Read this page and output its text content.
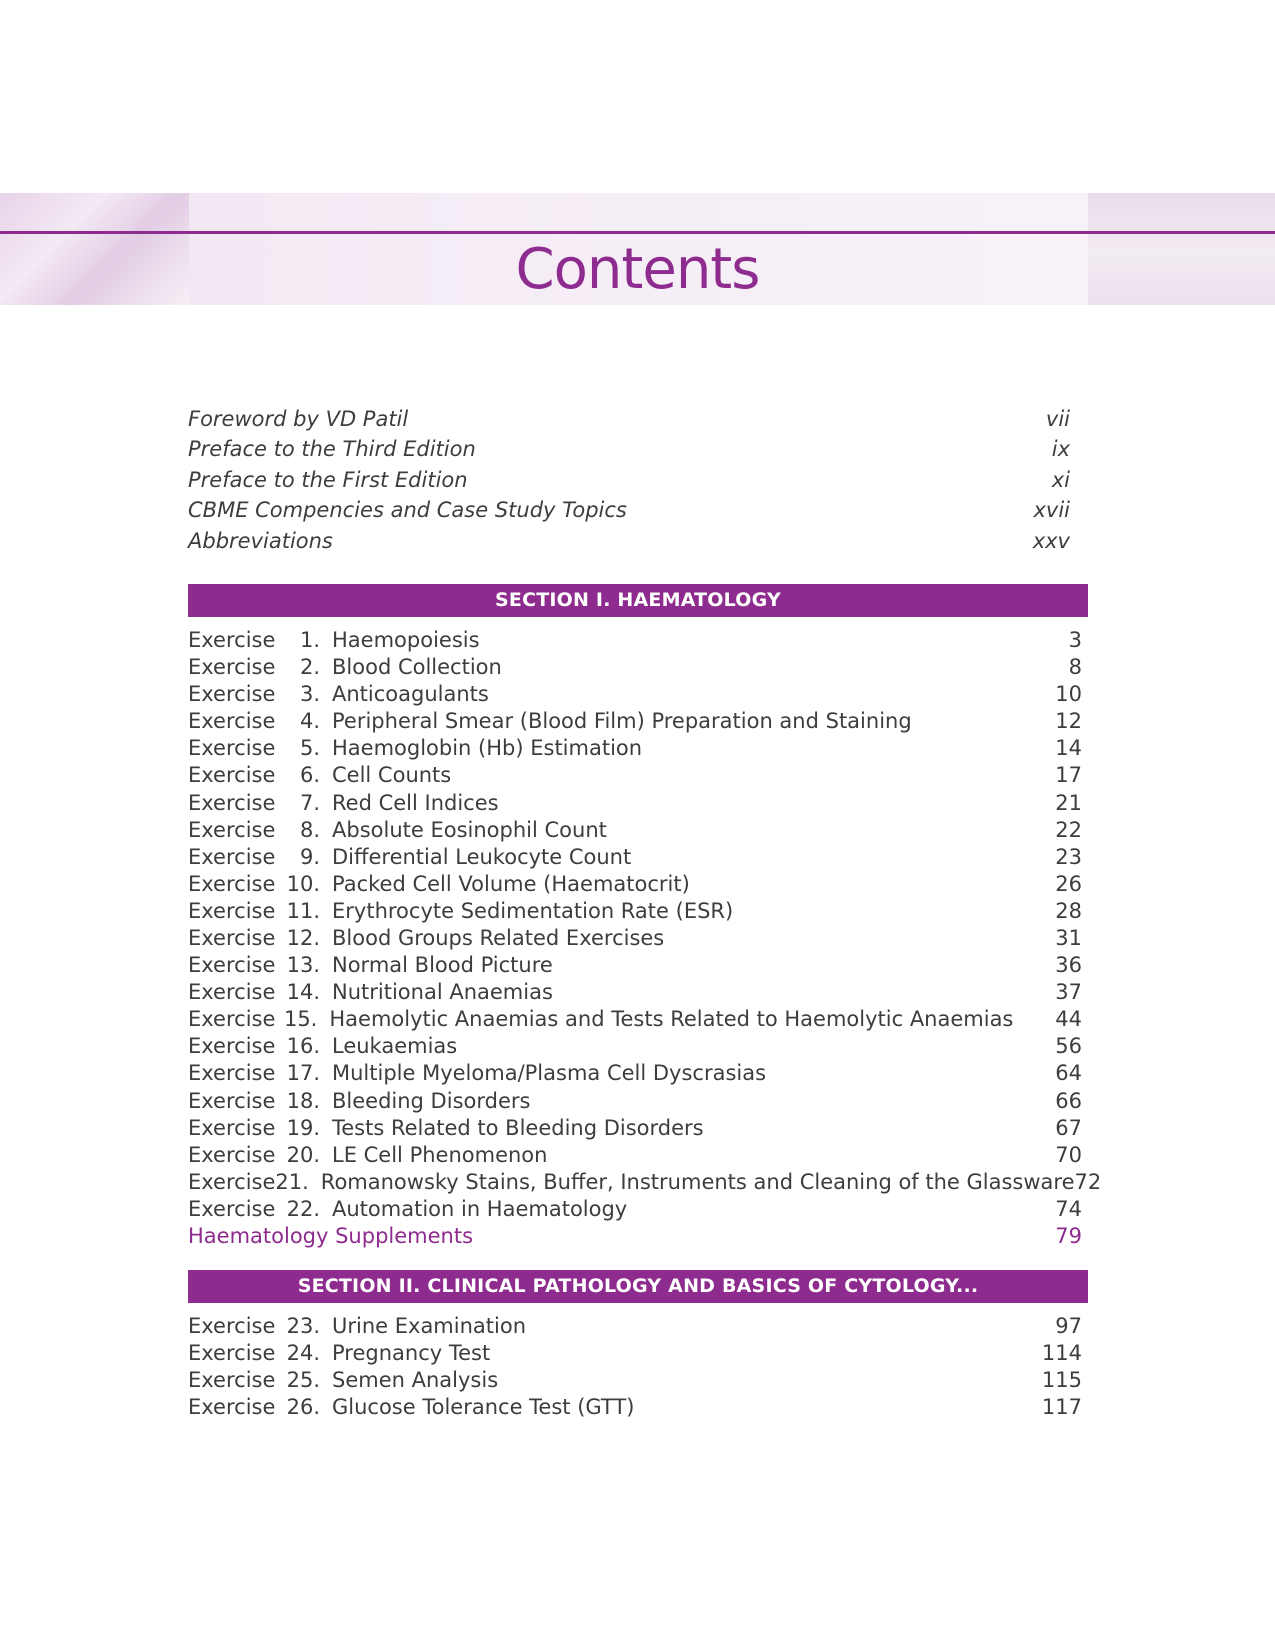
Contents
Foreword by VD Patil	vii
Preface to the Third Edition	ix
Preface to the First Edition	xi
CBME Compencies and Case Study Topics	xvii
Abbreviations	xxv
SECTION I. HAEMATOLOGY
Exercise	1. Haemopoiesis	3
Exercise	2. Blood Collection	8
Exercise	3. Anticoagulants	10
Exercise	4. Peripheral Smear (Blood Film) Preparation and Staining	12
Exercise	5. Haemoglobin (Hb) Estimation	14
Exercise	6. Cell Counts	17
Exercise	7. Red Cell Indices	21
Exercise	8. Absolute Eosinophil Count	22
Exercise	9. Differential Leukocyte Count	23
Exercise 10. Packed Cell Volume (Haematocrit)	26
Exercise 11. Erythrocyte Sedimentation Rate (ESR)	28
Exercise 12. Blood Groups Related Exercises	31
Exercise 13. Normal Blood Picture	36
Exercise 14. Nutritional Anaemias	37
Exercise 15. Haemolytic Anaemias and Tests Related to Haemolytic Anaemias	44
Exercise 16. Leukaemias	56
Exercise 17. Multiple Myeloma/Plasma Cell Dyscrasias	64
Exercise 18. Bleeding Disorders	66
Exercise 19. Tests Related to Bleeding Disorders	67
Exercise 20. LE Cell Phenomenon	70
Exercise 21. Romanowsky Stains, Buffer, Instruments and Cleaning of the Glassware 72
Exercise 22. Automation in Haematology	74
Haematology Supplements	79
SECTION II. CLINICAL PATHOLOGY AND BASICS OF CYTOLOGY...
Exercise 23. Urine Examination	97
Exercise 24. Pregnancy Test	114
Exercise 25. Semen Analysis	115
Exercise 26. Glucose Tolerance Test (GTT)	117
